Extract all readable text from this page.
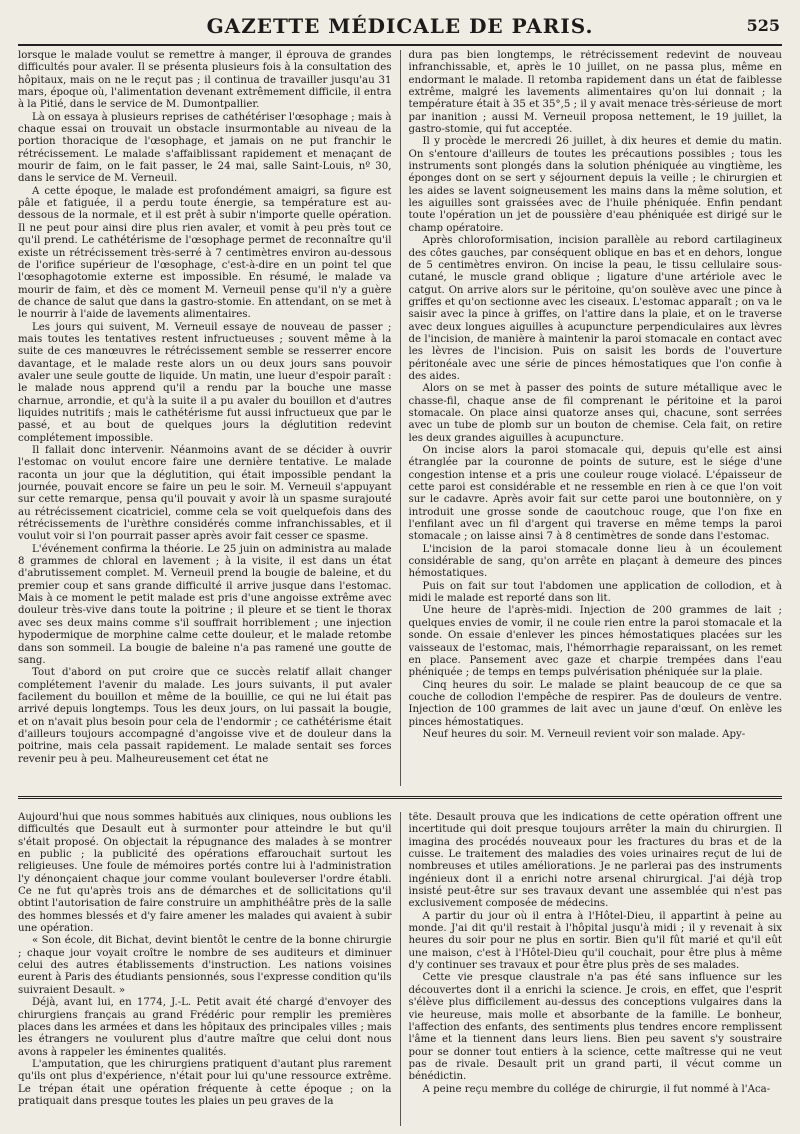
GAZETTE MÉDICALE DE PARIS.	525

lorsque le malade voulut se remettre à manger, il éprouva de grandes difficultés pour avaler. Il se présenta plusieurs fois à la consultation des hôpitaux, mais on ne le reçut pas ; il continua de travailler jusqu'au 31 mars, époque où, l'alimentation devenant extrêmement difficile, il entra à la Pitié, dans le service de M. Dumontpallier.

Là on essaya à plusieurs reprises de cathétériser l'œsophage ; mais à chaque essai on trouvait un obstacle insurmontable au niveau de la portion thoracique de l'œsophage, et jamais on ne put franchir le rétrécissement. Le malade s'affaiblissant rapidement et menaçant de mourir de faim, on le fait passer, le 24 mai, salle Saint-Louis, nº 30, dans le service de M. Verneuil.

A cette époque, le malade est profondément amaigri, sa figure est pâle et fatiguée, il a perdu toute énergie, sa température est au-dessous de la normale, et il est prêt à subir n'importe quelle opération. Il ne peut pour ainsi dire plus rien avaler, et vomit à peu près tout ce qu'il prend. Le cathétérisme de l'œsophage permet de reconnaître qu'il existe un rétrécissement très-serré à 7 centimètres environ au-dessous de l'orifice supérieur de l'œsophage, c'est-à-dire en un point tel que l'œsophagotomie externe est impossible. En résumé, le malade va mourir de faim, et dès ce moment M. Verneuil pense qu'il n'y a guère de chance de salut que dans la gastro-stomie. En attendant, on se met à le nourrir à l'aide de lavements alimentaires.

Les jours qui suivent, M. Verneuil essaye de nouveau de passer ; mais toutes les tentatives restent infructueuses ; souvent même à la suite de ces manœuvres le rétrécissement semble se resserrer encore davantage, et le malade reste alors un ou deux jours sans pouvoir avaler une seule goutte de liquide. Un matin, une lueur d'espoir paraît : le malade nous apprend qu'il a rendu par la bouche une masse charnue, arrondie, et qu'à la suite il a pu avaler du bouillon et d'autres liquides nutritifs ; mais le cathétérisme fut aussi infructueux que par le passé, et au bout de quelques jours la déglutition redevint complétement impossible.

Il fallait donc intervenir. Néanmoins avant de se décider à ouvrir l'estomac on voulut encore faire une dernière tentative. Le malade raconta un jour que la déglutition, qui était impossible pendant la journée, pouvait encore se faire un peu le soir. M. Verneuil s'appuyant sur cette remarque, pensa qu'il pouvait y avoir là un spasme surajouté au rétrécissement cicatriciel, comme cela se voit quelquefois dans des rétrécissements de l'urèthre considérés comme infranchissables, et il voulut voir si l'on pourrait passer après avoir fait cesser ce spasme.

L'événement confirma la théorie. Le 25 juin on administra au malade 8 grammes de chloral en lavement ; à la visite, il est dans un état d'abrutissement complet. M. Verneuil prend la bougie de baleine, et du premier coup et sans grande difficulté il arrive jusque dans l'estomac. Mais à ce moment le petit malade est pris d'une angoisse extrême avec douleur très-vive dans toute la poitrine ; il pleure et se tient le thorax avec ses deux mains comme s'il souffrait horriblement ; une injection hypodermique de morphine calme cette douleur, et le malade retombe dans son sommeil. La bougie de baleine n'a pas ramené une goutte de sang.

Tout d'abord on put croire que ce succès relatif allait changer complétement l'avenir du malade. Les jours suivants, il put avaler facilement du bouillon et même de la bouillie, ce qui ne lui était pas arrivé depuis longtemps. Tous les deux jours, on lui passait la bougie, et on n'avait plus besoin pour cela de l'endormir ; ce cathétérisme était d'ailleurs toujours accompagné d'angoisse vive et de douleur dans la poitrine, mais cela passait rapidement. Le malade sentait ses forces revenir peu à peu. Malheureusement cet état ne

dura pas bien longtemps, le rétrécissement redevint de nouveau infranchissable, et, après le 10 juillet, on ne passa plus, même en endormant le malade. Il retomba rapidement dans un état de faiblesse extrême, malgré les lavements alimentaires qu'on lui donnait ; la température était à 35 et 35°,5 ; il y avait menace très-sérieuse de mort par inanition ; aussi M. Verneuil proposa nettement, le 19 juillet, la gastro-stomie, qui fut acceptée.

Il y procède le mercredi 26 juillet, à dix heures et demie du matin. On s'entoure d'ailleurs de toutes les précautions possibles ; tous les instruments sont plongés dans la solution phéniquée au vingtième, les éponges dont on se sert y séjournent depuis la veille ; le chirurgien et les aides se lavent soigneusement les mains dans la même solution, et les aiguilles sont graissées avec de l'huile phéniquée. Enfin pendant toute l'opération un jet de poussière d'eau phéniquée est dirigé sur le champ opératoire.

Après chloroformisation, incision parallèle au rebord cartilagineux des côtes gauches, par conséquent oblique en bas et en dehors, longue de 5 centimètres environ. On incise la peau, le tissu cellulaire sous-cutané, le muscle grand oblique ; ligature d'une artériole avec le catgut. On arrive alors sur le péritoine, qu'on soulève avec une pince à griffes et qu'on sectionne avec les ciseaux. L'estomac apparaît ; on va le saisir avec la pince à griffes, on l'attire dans la plaie, et on le traverse avec deux longues aiguilles à acupuncture perpendiculaires aux lèvres de l'incision, de manière à maintenir la paroi stomacale en contact avec les lèvres de l'incision. Puis on saisit les bords de l'ouverture péritonéale avec une série de pinces hémostatiques que l'on confie à des aides.

Alors on se met à passer des points de suture métallique avec le chasse-fil, chaque anse de fil comprenant le péritoine et la paroi stomacale. On place ainsi quatorze anses qui, chacune, sont serrées avec un tube de plomb sur un bouton de chemise. Cela fait, on retire les deux grandes aiguilles à acupuncture.

On incise alors la paroi stomacale qui, depuis qu'elle est ainsi étranglée par la couronne de points de suture, est le siége d'une congestion intense et a pris une couleur rouge violacé. L'épaisseur de cette paroi est considérable et ne ressemble en rien à ce que l'on voit sur le cadavre. Après avoir fait sur cette paroi une boutonnière, on y introduit une grosse sonde de caoutchouc rouge, que l'on fixe en l'enfilant avec un fil d'argent qui traverse en même temps la paroi stomacale ; on laisse ainsi 7 à 8 centimètres de sonde dans l'estomac.

L'incision de la paroi stomacale donne lieu à un écoulement considérable de sang, qu'on arrête en plaçant à demeure des pinces hémostatiques.

Puis on fait sur tout l'abdomen une application de collodion, et à midi le malade est reporté dans son lit.

Une heure de l'après-midi. Injection de 200 grammes de lait ; quelques envies de vomir, il ne coule rien entre la paroi stomacale et la sonde. On essaie d'enlever les pinces hémostatiques placées sur les vaisseaux de l'estomac, mais, l'hémorrhagie reparaissant, on les remet en place. Pansement avec gaze et charpie trempées dans l'eau phéniquée ; de temps en temps pulvérisation phéniquée sur la plaie.

Cinq heures du soir. Le malade se plaint beaucoup de ce que sa couche de collodion l'empêche de respirer. Pas de douleurs de ventre. Injection de 100 grammes de lait avec un jaune d'œuf. On enlève les pinces hémostatiques.

Neuf heures du soir. M. Verneuil revient voir son malade. Apy-

Aujourd'hui que nous sommes habitués aux cliniques, nous oublions les difficultés que Desault eut à surmonter pour atteindre le but qu'il s'était proposé. On objectait la répugnance des malades à se montrer en public ; la publicité des opérations effarouchait surtout les religieuses. Une foule de mémoires portés contre lui à l'administration l'y dénonçaient chaque jour comme voulant bouleverser l'ordre établi. Ce ne fut qu'après trois ans de démarches et de sollicitations qu'il obtint l'autorisation de faire construire un amphithéâtre près de la salle des hommes blessés et d'y faire amener les malades qui avaient à subir une opération.

« Son école, dit Bichat, devint bientôt le centre de la bonne chirurgie ; chaque jour voyait croître le nombre de ses auditeurs et diminuer celui des autres établissements d'instruction. Les nations voisines eurent à Paris des étudiants pensionnés, sous l'expresse condition qu'ils suivraient Desault. »

Déjà, avant lui, en 1774, J.-L. Petit avait été chargé d'envoyer des chirurgiens français au grand Frédéric pour remplir les premières places dans les armées et dans les hôpitaux des principales villes ; mais les étrangers ne voulurent plus d'autre maître que celui dont nous avons à rappeler les éminentes qualités.

L'amputation, que les chirurgiens pratiquent d'autant plus rarement qu'ils ont plus d'expérience, n'était pour lui qu'une ressource extrême. Le trépan était une opération fréquente à cette époque ; on la pratiquait dans presque toutes les plaies un peu graves de la

tête. Desault prouva que les indications de cette opération offrent une incertitude qui doit presque toujours arrêter la main du chirurgien. Il imagina des procédés nouveaux pour les fractures du bras et de la cuisse. Le traitement des maladies des voies urinaires reçut de lui de nombreuses et utiles améliorations. Je ne parlerai pas des instruments ingénieux dont il a enrichi notre arsenal chirurgical. J'ai déjà trop insisté peut-être sur ses travaux devant une assemblée qui n'est pas exclusivement composée de médecins.

A partir du jour où il entra à l'Hôtel-Dieu, il appartint à peine au monde. J'ai dit qu'il restait à l'hôpital jusqu'à midi ; il y revenait à six heures du soir pour ne plus en sortir. Bien qu'il fût marié et qu'il eût une maison, c'est à l'Hôtel-Dieu qu'il couchait, pour être plus à même d'y continuer ses travaux et pour être plus près de ses malades.

Cette vie presque claustrale n'a pas été sans influence sur les découvertes dont il a enrichi la science. Je crois, en effet, que l'esprit s'élève plus difficilement au-dessus des conceptions vulgaires dans la vie heureuse, mais molle et absorbante de la famille. Le bonheur, l'affection des enfants, des sentiments plus tendres encore remplissent l'âme et la tiennent dans leurs liens. Bien peu savent s'y soustraire pour se donner tout entiers à la science, cette maîtresse qui ne veut pas de rivale. Desault prit un grand parti, il vécut comme un bénédictin.

A peine reçu membre du collége de chirurgie, il fut nommé à l'Aca-
